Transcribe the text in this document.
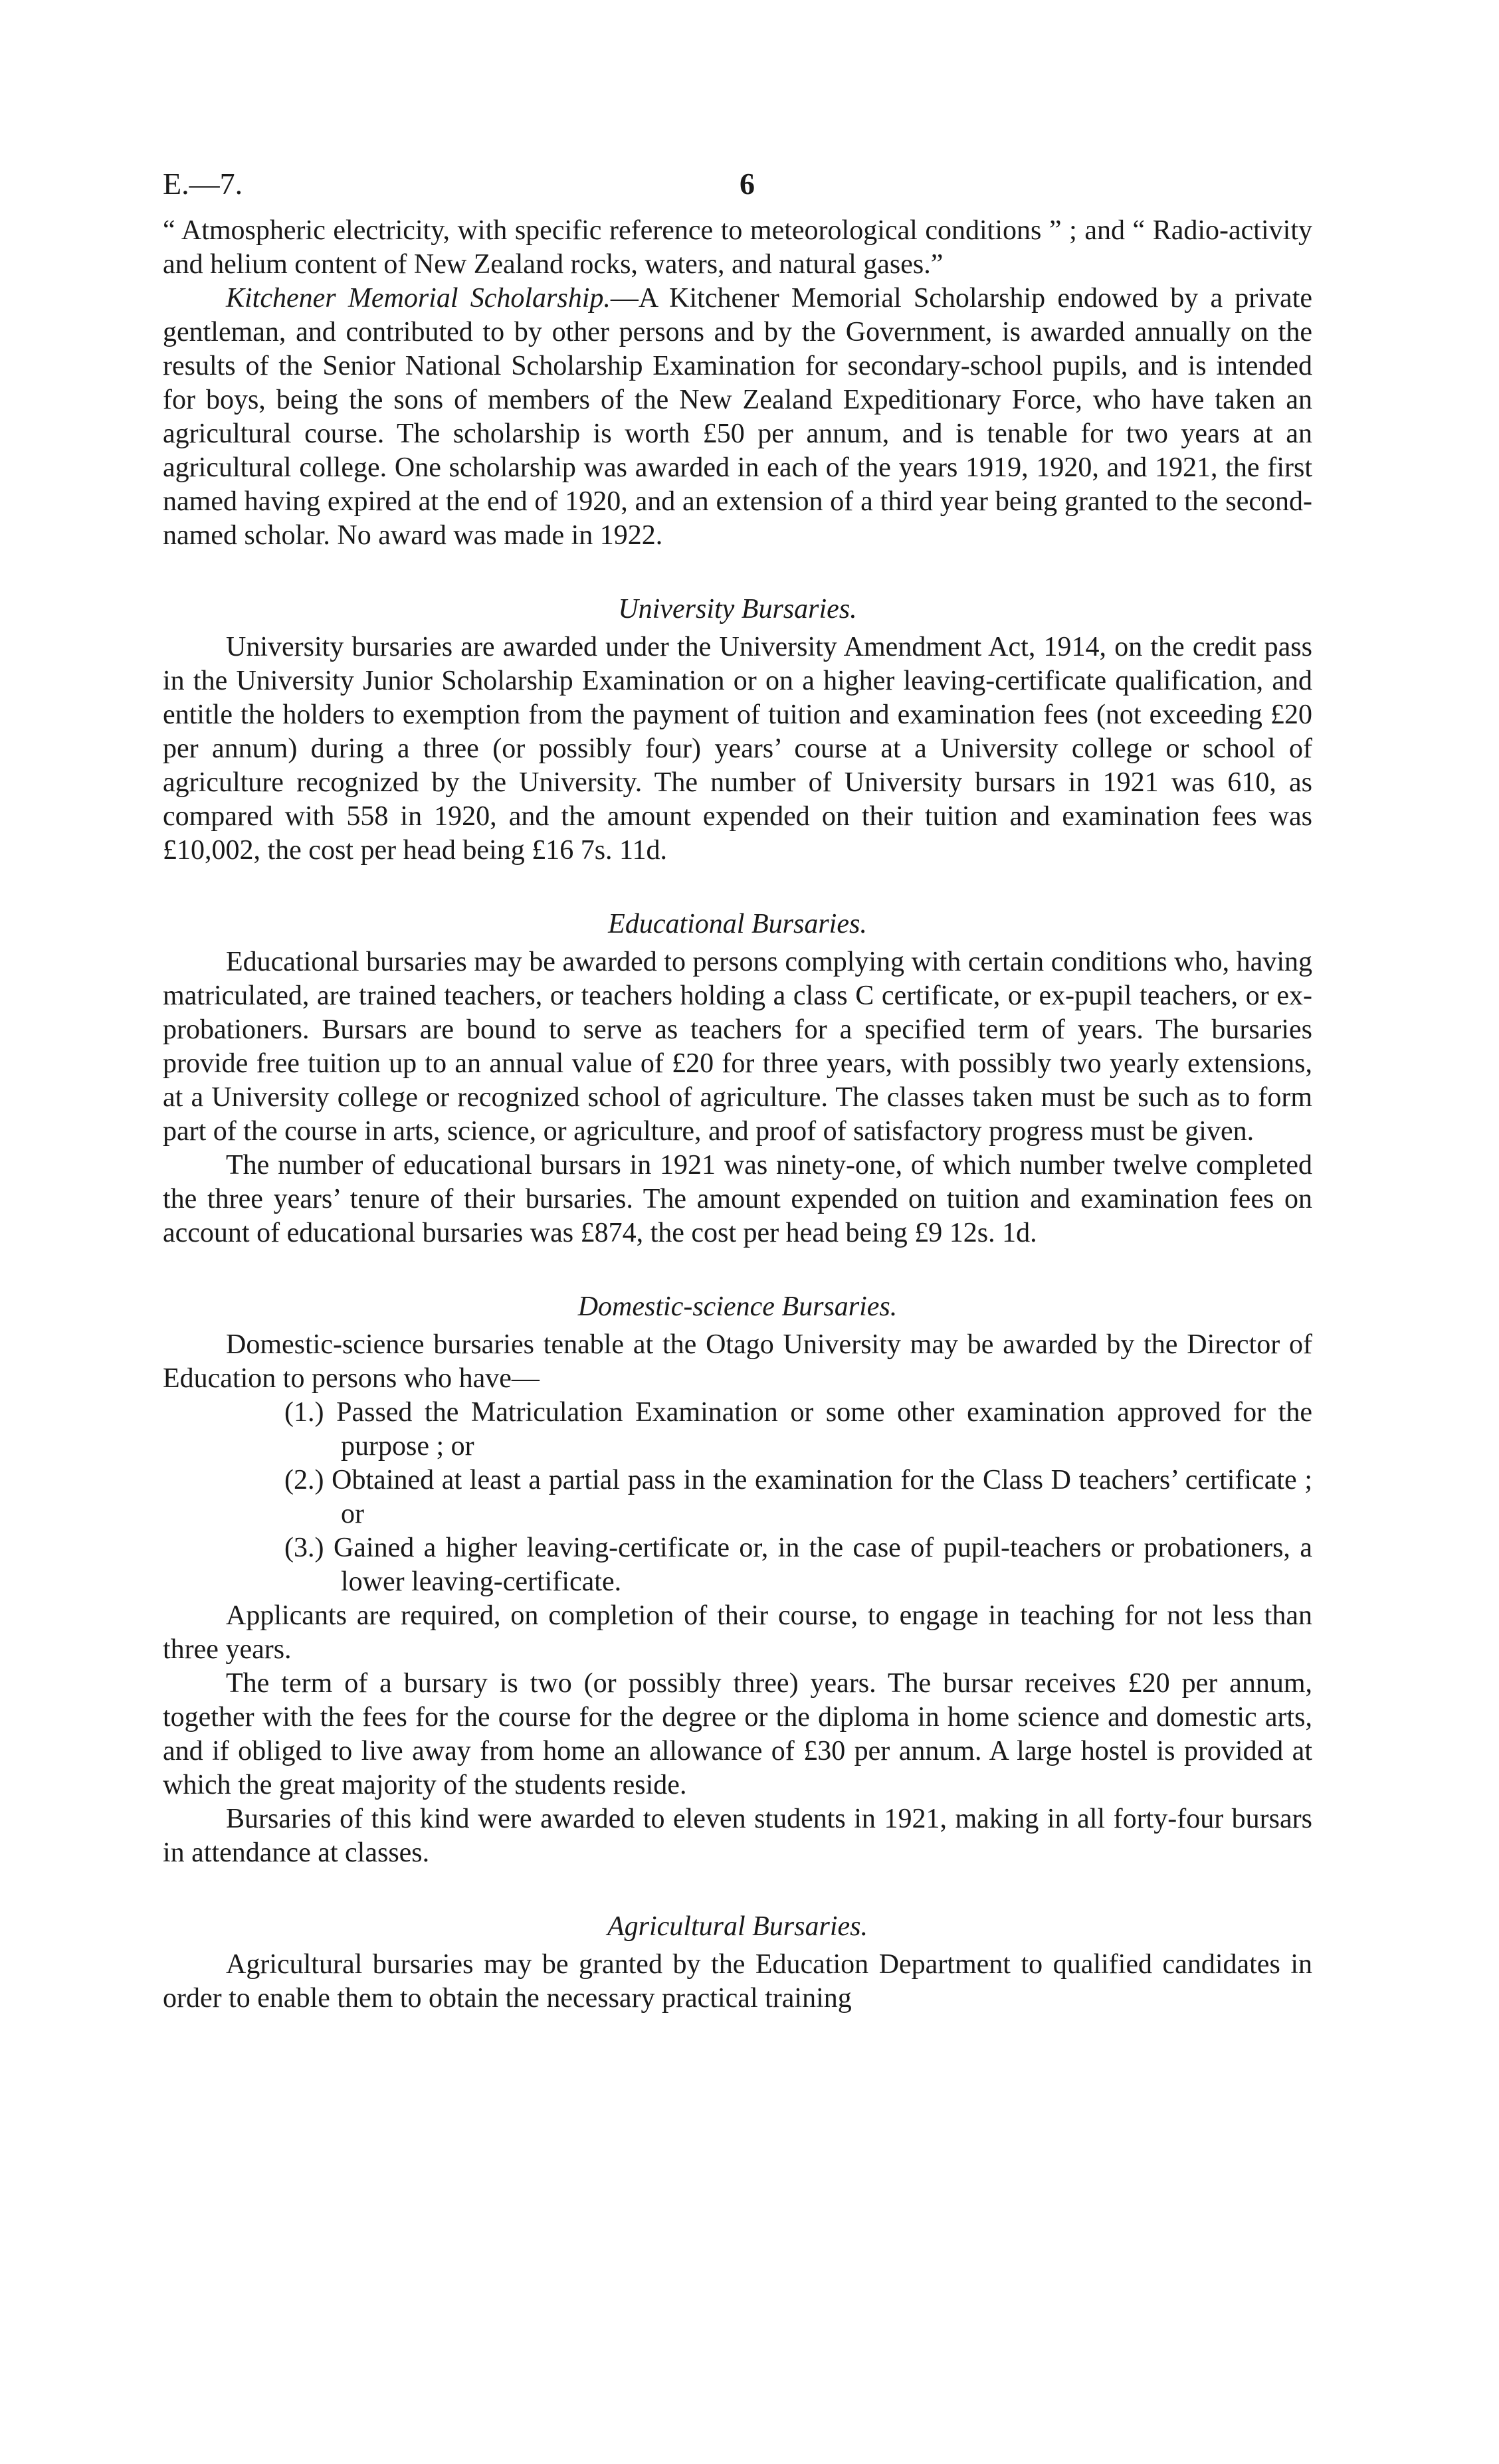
E.—7.	6

“ Atmospheric electricity, with specific reference to meteorological conditions ” ; and “ Radio-activity and helium content of New Zealand rocks, waters, and natural gases.”

Kitchener Memorial Scholarship.—A Kitchener Memorial Scholarship endowed by a private gentleman, and contributed to by other persons and by the Government, is awarded annually on the results of the Senior National Scholarship Examination for secondary-school pupils, and is intended for boys, being the sons of members of the New Zealand Expeditionary Force, who have taken an agricultural course. The scholarship is worth £50 per annum, and is tenable for two years at an agricultural college. One scholarship was awarded in each of the years 1919, 1920, and 1921, the first named having expired at the end of 1920, and an extension of a third year being granted to the second-named scholar. No award was made in 1922.

University Bursaries.

University bursaries are awarded under the University Amendment Act, 1914, on the credit pass in the University Junior Scholarship Examination or on a higher leaving-certificate qualification, and entitle the holders to exemption from the payment of tuition and examination fees (not exceeding £20 per annum) during a three (or possibly four) years’ course at a University college or school of agriculture recognized by the University. The number of University bursars in 1921 was 610, as compared with 558 in 1920, and the amount expended on their tuition and examination fees was £10,002, the cost per head being £16 7s. 11d.

Educational Bursaries.

Educational bursaries may be awarded to persons complying with certain conditions who, having matriculated, are trained teachers, or teachers holding a class C certificate, or ex-pupil teachers, or ex-probationers. Bursars are bound to serve as teachers for a specified term of years. The bursaries provide free tuition up to an annual value of £20 for three years, with possibly two yearly extensions, at a University college or recognized school of agriculture. The classes taken must be such as to form part of the course in arts, science, or agriculture, and proof of satisfactory progress must be given.

The number of educational bursars in 1921 was ninety-one, of which number twelve completed the three years’ tenure of their bursaries. The amount expended on tuition and examination fees on account of educational bursaries was £874, the cost per head being £9 12s. 1d.

Domestic-science Bursaries.

Domestic-science bursaries tenable at the Otago University may be awarded by the Director of Education to persons who have—

(1.) Passed the Matriculation Examination or some other examination approved for the purpose ; or
(2.) Obtained at least a partial pass in the examination for the Class D teachers’ certificate ; or
(3.) Gained a higher leaving-certificate or, in the case of pupil-teachers or probationers, a lower leaving-certificate.

Applicants are required, on completion of their course, to engage in teaching for not less than three years.

The term of a bursary is two (or possibly three) years. The bursar receives £20 per annum, together with the fees for the course for the degree or the diploma in home science and domestic arts, and if obliged to live away from home an allowance of £30 per annum. A large hostel is provided at which the great majority of the students reside.

Bursaries of this kind were awarded to eleven students in 1921, making in all forty-four bursars in attendance at classes.

Agricultural Bursaries.

Agricultural bursaries may be granted by the Education Department to qualified candidates in order to enable them to obtain the necessary practical training
